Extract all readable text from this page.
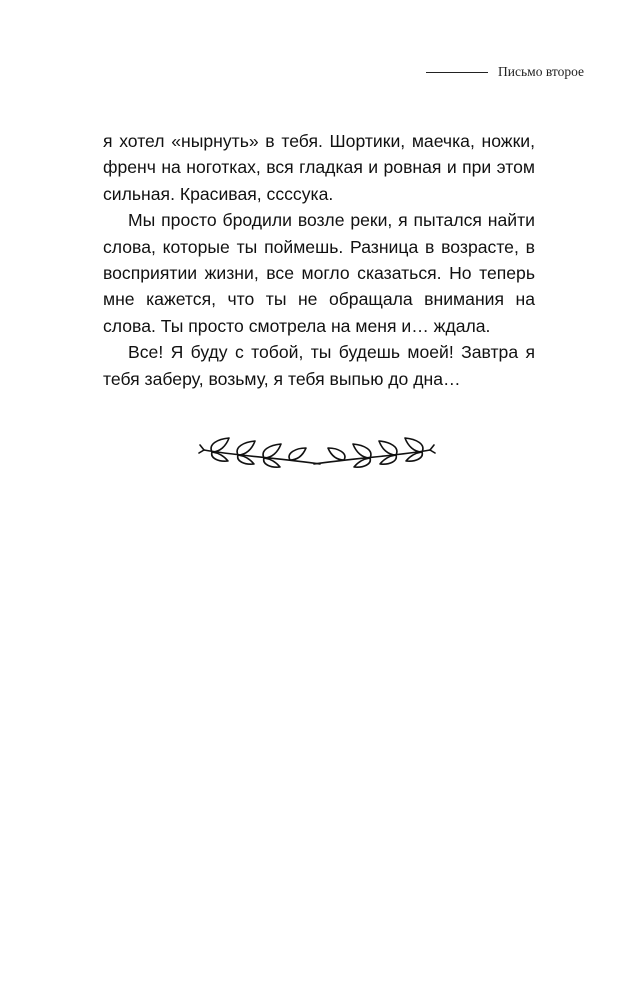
Письмо второе

я хотел «нырнуть» в тебя. Шортики, маечка, ножки, френч на ноготках, вся гладкая и ровная и при этом сильная. Красивая, ссссука.

Мы просто бродили возле реки, я пытался найти слова, которые ты поймешь. Разница в возрасте, в восприятии жизни, все могло сказаться. Но теперь мне кажется, что ты не обращала внимания на слова. Ты просто смотрела на меня и… ждала.

Все! Я буду с тобой, ты будешь моей! Завтра я тебя заберу, возьму, я тебя выпью до дна…
